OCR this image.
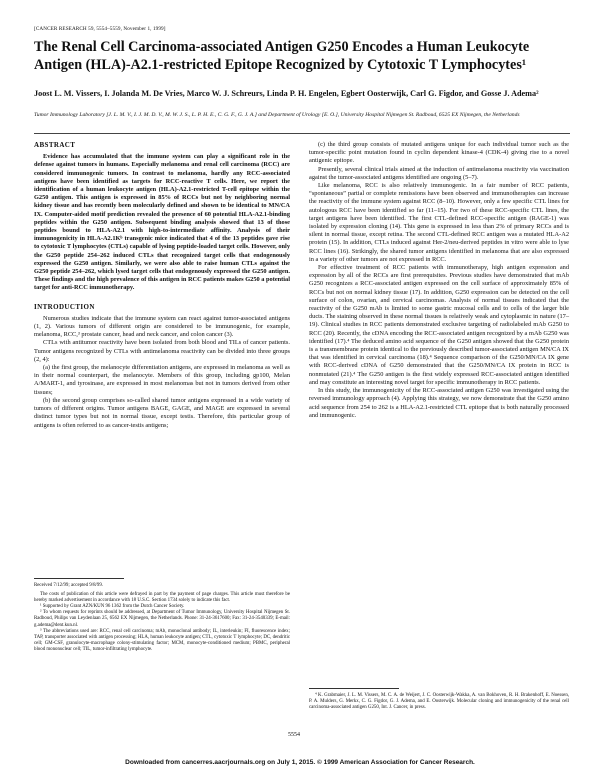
[CANCER RESEARCH 59, 5554–5559, November 1, 1999]
The Renal Cell Carcinoma-associated Antigen G250 Encodes a Human Leukocyte Antigen (HLA)-A2.1-restricted Epitope Recognized by Cytotoxic T Lymphocytes¹
Joost L. M. Vissers, I. Jolanda M. De Vries, Marco W. J. Schreurs, Linda P. H. Engelen, Egbert Oosterwijk, Carl G. Figdor, and Gosse J. Adema²
Tumor Immunology Laboratory [J. L. M. V., I. J. M. D. V., M. W. J. S., L. P. H. E., C. G. F., G. J. A.] and Department of Urology [E. O.], University Hospital Nijmegen St. Radboud, 6525 EX Nijmegen, the Netherlands

ABSTRACT

Evidence has accumulated that the immune system can play a significant role in the defense against tumors in humans. Especially melanoma and renal cell carcinoma (RCC) are considered immunogenic tumors. In contrast to melanoma, hardly any RCC-associated antigens have been identified as targets for RCC-reactive T cells. Here, we report the identification of a human leukocyte antigen (HLA)-A2.1-restricted T-cell epitope within the G250 antigen. This antigen is expressed in 85% of RCCs but not by neighboring normal kidney tissue and has recently been molecularly defined and shown to be identical to MN/CA IX. Computer-aided motif prediction revealed the presence of 60 potential HLA-A2.1-binding peptides within the G250 antigen. Subsequent binding analysis showed that 13 of those peptides bound to HLA-A2.1 with high-to-intermediate affinity. Analysis of their immunogenicity in HLA-A2.1Kᵇ transgenic mice indicated that 4 of the 13 peptides gave rise to cytotoxic T lymphocytes (CTLs) capable of lysing peptide-loaded target cells. However, only the G250 peptide 254–262 induced CTLs that recognized target cells that endogenously expressed the G250 antigen. Similarly, we were also able to raise human CTLs against the G250 peptide 254–262, which lysed target cells that endogenously expressed the G250 antigen. These findings and the high prevalence of this antigen in RCC patients makes G250 a potential target for anti-RCC immunotherapy.

INTRODUCTION

Numerous studies indicate that the immune system can react against tumor-associated antigens (1, 2). Various tumors of different origin are considered to be immunogenic, for example, melanoma, RCC,³ prostate cancer, head and neck cancer, and colon cancer (3).

CTLs with antitumor reactivity have been isolated from both blood and TILs of cancer patients. Tumor antigens recognized by CTLs with antimelanoma reactivity can be divided into three groups (2, 4):

(a) the first group, the melanocyte differentiation antigens, are expressed in melanoma as well as in their normal counterpart, the melanocyte. Members of this group, including gp100, Melan A/MART-1, and tyrosinase, are expressed in most melanomas but not in tumors derived from other tissues;

(b) the second group comprises so-called shared tumor antigens expressed in a wide variety of tumors of different origins. Tumor antigens BAGE, GAGE, and MAGE are expressed in several distinct tumor types but not in normal tissue, except testis. Therefore, this particular group of antigens is often referred to as cancer-testis antigens;

Received 7/12/99; accepted 9/8/99.

The costs of publication of this article were defrayed in part by the payment of page charges. This article must therefore be hereby marked advertisement in accordance with 18 U.S.C. Section 1734 solely to indicate this fact.

¹ Supported by Grant AZN/KUN 96 1362 from the Dutch Cancer Society.

² To whom requests for reprints should be addressed, at Department of Tumor Immunology, University Hospital Nijmegen St. Radboud, Philips van Leydenlaan 25, 6562 EX Nijmegen, the Netherlands. Phone: 31-24-3617600; Fax: 31-24-3540339; E-mail: g.adema@dent.kun.nl.

³ The abbreviations used are: RCC, renal cell carcinoma; mAb, monoclonal antibody; IL, interleukin; FI, fluorescence index; TAP, transporter associated with antigen processing; HLA, human leukocyte antigen; CTL, cytotoxic T lymphocyte; DC, dendritic cell; GM-CSF, granulocyte-macrophage colony-stimulating factor; MCM, monocyte-conditioned medium; PBMC, peripheral blood mononuclear cell; TIL, tumor-infiltrating lymphocyte.

(c) the third group consists of mutated antigens unique for each individual tumor such as the tumor-specific point mutation found in cyclin dependent kinase-4 (CDK-4) giving rise to a novel antigenic epitope.

Presently, several clinical trials aimed at the induction of antimelanoma reactivity via vaccination against the tumor-associated antigens identified are ongoing (5–7).

Like melanoma, RCC is also relatively immunogenic. In a fair number of RCC patients, “spontaneous” partial or complete remissions have been observed and immunotherapies can increase the reactivity of the immune system against RCC (8–10). However, only a few specific CTL lines for autologous RCC have been identified so far (11–15). For two of these RCC-specific CTL lines, the target antigens have been identified. The first CTL-defined RCC-specific antigen (RAGE-1) was isolated by expression cloning (14). This gene is expressed in less than 2% of primary RCCs and is silent in normal tissue, except retina. The second CTL-defined RCC antigen was a mutated HLA-A2 protein (15). In addition, CTLs induced against Her-2/neu-derived peptides in vitro were able to lyse RCC lines (16). Strikingly, the shared tumor antigens identified in melanoma that are also expressed in a variety of other tumors are not expressed in RCC.

For effective treatment of RCC patients with immunotherapy, high antigen expression and expression by all of the RCCs are first prerequisites. Previous studies have demonstrated that mAb G250 recognizes a RCC-associated antigen expressed on the cell surface of approximately 85% of RCCs but not on normal kidney tissue (17). In addition, G250 expression can be detected on the cell surface of colon, ovarian, and cervical carcinomas. Analysis of normal tissues indicated that the reactivity of the G250 mAb is limited to some gastric mucosal cells and to cells of the larger bile ducts. The staining observed in these normal tissues is relatively weak and cytoplasmic in nature (17–19). Clinical studies in RCC patients demonstrated exclusive targeting of radiolabeled mAb G250 to RCC (20). Recently, the cDNA encoding the RCC-associated antigen recognized by a mAb G250 was identified (17).⁴ The deduced amino acid sequence of the G250 antigen showed that the G250 protein is a transmembrane protein identical to the previously described tumor-associated antigen MN/CA IX that was identified in cervical carcinoma (18).⁴ Sequence comparison of the G250/MN/CA IX gene with RCC-derived cDNA of G250 demonstrated that the G250/MN/CA IX protein in RCC is nonmutated (21).⁴ The G250 antigen is the first widely expressed RCC-associated antigen identified and may constitute an interesting novel target for specific immunotherapy in RCC patients.

In this study, the immunogenicity of the RCC-associated antigen G250 was investigated using the reversed immunology approach (4). Applying this strategy, we now demonstrate that the G250 amino acid sequence from 254 to 262 is a HLA-A2.1-restricted CTL epitope that is both naturally processed and immunogenic.

⁴ K. Grabmaier, J. L. M. Vissers, M. C. A. de Weijert, J. C. Oosterwijk-Wakka, A. van Bokhoven, R. H. Brakenhoff, E. Noessen, P. A. Mulders, G. Merkx, C. G. Figdor, G. J. Adema, and E. Oosterwijk. Molecular cloning and immunogenicity of the renal cell carcinoma-associated antigen G250, Int. J. Cancer, in press.

5554
Downloaded from cancerres.aacrjournals.org on July 1, 2015. © 1999 American Association for Cancer Research.
